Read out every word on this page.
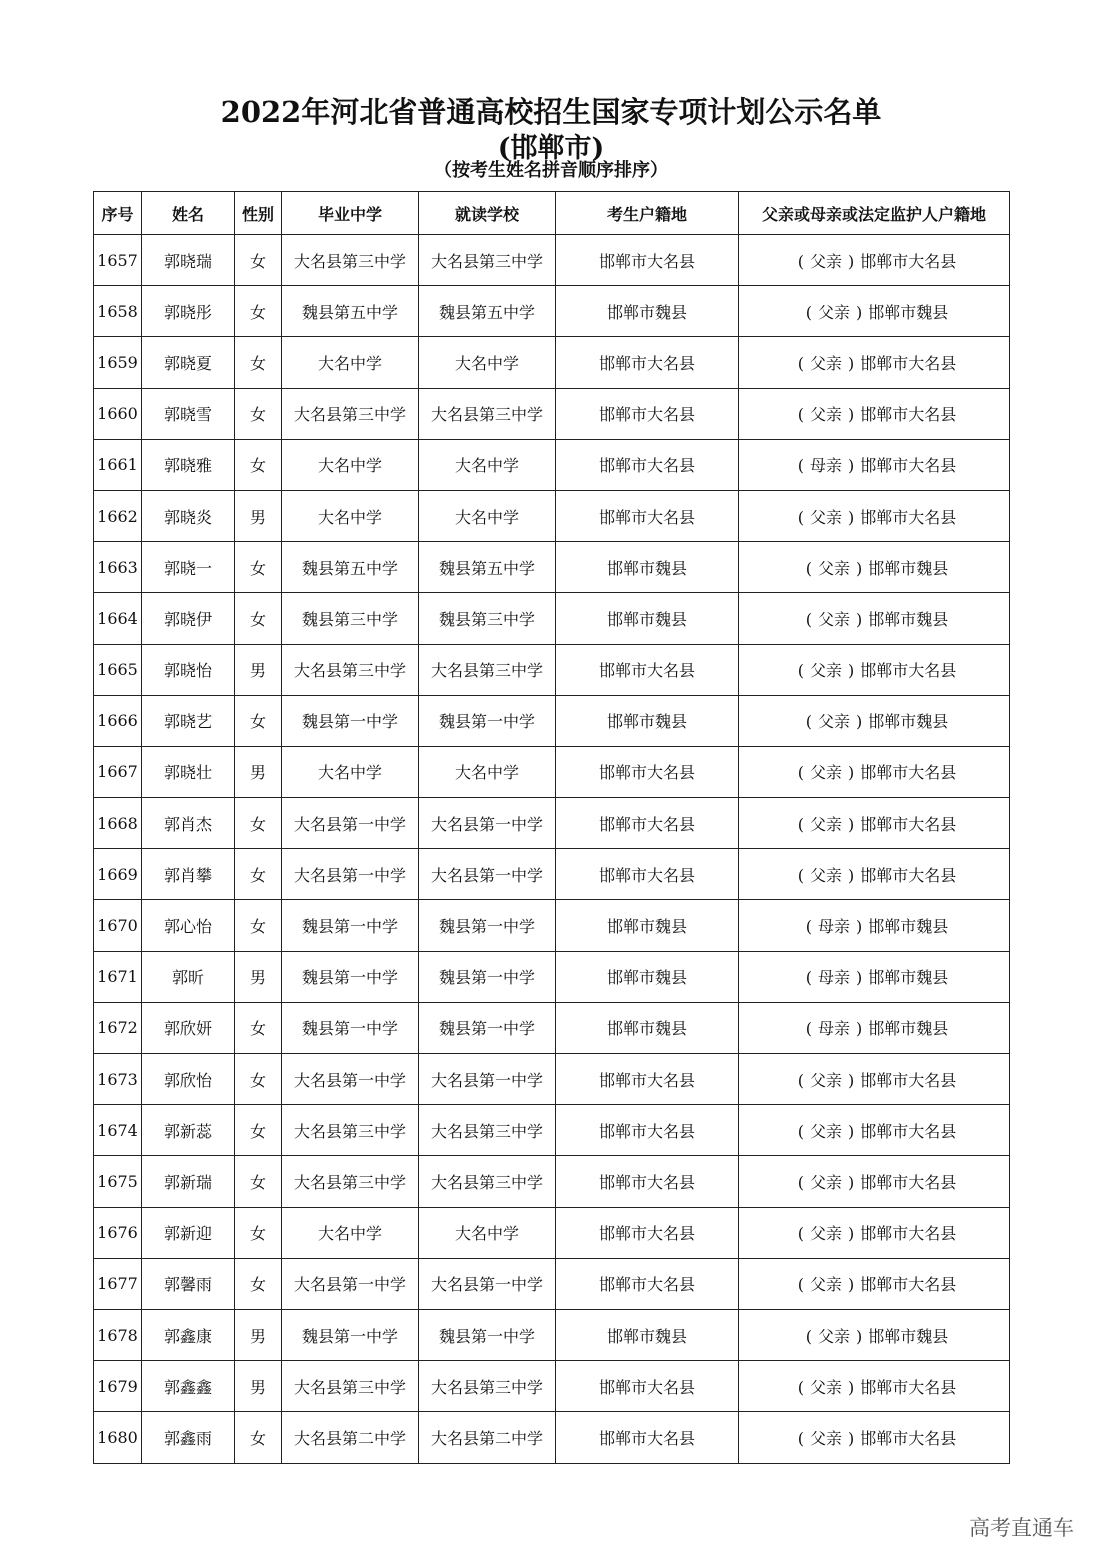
2022年河北省普通高校招生国家专项计划公示名单
(邯郸市)
（按考生姓名拼音顺序排序）
序号	姓名	性别	毕业中学	就读学校	考生户籍地	父亲或母亲或法定监护人户籍地
1657	郭晓瑞	女	大名县第三中学	大名县第三中学	邯郸市大名县	( 父亲 ) 邯郸市大名县
1658	郭晓彤	女	魏县第五中学	魏县第五中学	邯郸市魏县	( 父亲 ) 邯郸市魏县
1659	郭晓夏	女	大名中学	大名中学	邯郸市大名县	( 父亲 ) 邯郸市大名县
1660	郭晓雪	女	大名县第三中学	大名县第三中学	邯郸市大名县	( 父亲 ) 邯郸市大名县
1661	郭晓雅	女	大名中学	大名中学	邯郸市大名县	( 母亲 ) 邯郸市大名县
1662	郭晓炎	男	大名中学	大名中学	邯郸市大名县	( 父亲 ) 邯郸市大名县
1663	郭晓一	女	魏县第五中学	魏县第五中学	邯郸市魏县	( 父亲 ) 邯郸市魏县
1664	郭晓伊	女	魏县第三中学	魏县第三中学	邯郸市魏县	( 父亲 ) 邯郸市魏县
1665	郭晓怡	男	大名县第三中学	大名县第三中学	邯郸市大名县	( 父亲 ) 邯郸市大名县
1666	郭晓艺	女	魏县第一中学	魏县第一中学	邯郸市魏县	( 父亲 ) 邯郸市魏县
1667	郭晓壮	男	大名中学	大名中学	邯郸市大名县	( 父亲 ) 邯郸市大名县
1668	郭肖杰	女	大名县第一中学	大名县第一中学	邯郸市大名县	( 父亲 ) 邯郸市大名县
1669	郭肖攀	女	大名县第一中学	大名县第一中学	邯郸市大名县	( 父亲 ) 邯郸市大名县
1670	郭心怡	女	魏县第一中学	魏县第一中学	邯郸市魏县	( 母亲 ) 邯郸市魏县
1671	郭昕	男	魏县第一中学	魏县第一中学	邯郸市魏县	( 母亲 ) 邯郸市魏县
1672	郭欣妍	女	魏县第一中学	魏县第一中学	邯郸市魏县	( 母亲 ) 邯郸市魏县
1673	郭欣怡	女	大名县第一中学	大名县第一中学	邯郸市大名县	( 父亲 ) 邯郸市大名县
1674	郭新蕊	女	大名县第三中学	大名县第三中学	邯郸市大名县	( 父亲 ) 邯郸市大名县
1675	郭新瑞	女	大名县第三中学	大名县第三中学	邯郸市大名县	( 父亲 ) 邯郸市大名县
1676	郭新迎	女	大名中学	大名中学	邯郸市大名县	( 父亲 ) 邯郸市大名县
1677	郭馨雨	女	大名县第一中学	大名县第一中学	邯郸市大名县	( 父亲 ) 邯郸市大名县
1678	郭鑫康	男	魏县第一中学	魏县第一中学	邯郸市魏县	( 父亲 ) 邯郸市魏县
1679	郭鑫鑫	男	大名县第三中学	大名县第三中学	邯郸市大名县	( 父亲 ) 邯郸市大名县
1680	郭鑫雨	女	大名县第二中学	大名县第二中学	邯郸市大名县	( 父亲 ) 邯郸市大名县
高考直通车
